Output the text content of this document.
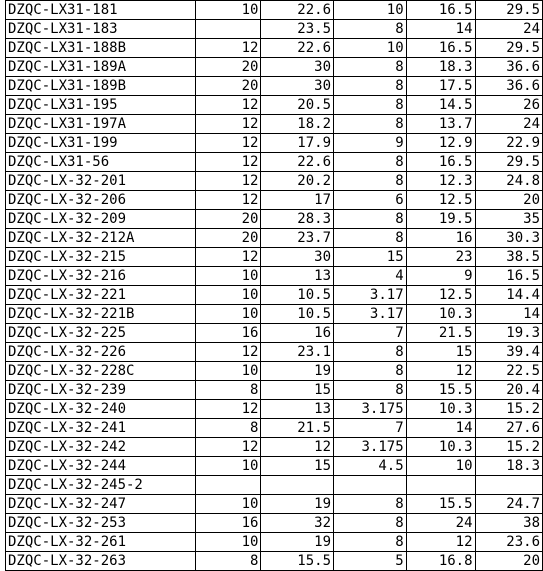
DZQC-LX31-181	10	22.6	10	16.5	29.5
DZQC-LX31-183		23.5	8	14	24
DZQC-LX31-188B	12	22.6	10	16.5	29.5
DZQC-LX31-189A	20	30	8	18.3	36.6
DZQC-LX31-189B	20	30	8	17.5	36.6
DZQC-LX31-195	12	20.5	8	14.5	26
DZQC-LX31-197A	12	18.2	8	13.7	24
DZQC-LX31-199	12	17.9	9	12.9	22.9
DZQC-LX31-56	12	22.6	8	16.5	29.5
DZQC-LX-32-201	12	20.2	8	12.3	24.8
DZQC-LX-32-206	12	17	6	12.5	20
DZQC-LX-32-209	20	28.3	8	19.5	35
DZQC-LX-32-212A	20	23.7	8	16	30.3
DZQC-LX-32-215	12	30	15	23	38.5
DZQC-LX-32-216	10	13	4	9	16.5
DZQC-LX-32-221	10	10.5	3.17	12.5	14.4
DZQC-LX-32-221B	10	10.5	3.17	10.3	14
DZQC-LX-32-225	16	16	7	21.5	19.3
DZQC-LX-32-226	12	23.1	8	15	39.4
DZQC-LX-32-228C	10	19	8	12	22.5
DZQC-LX-32-239	8	15	8	15.5	20.4
DZQC-LX-32-240	12	13	3.175	10.3	15.2
DZQC-LX-32-241	8	21.5	7	14	27.6
DZQC-LX-32-242	12	12	3.175	10.3	15.2
DZQC-LX-32-244	10	15	4.5	10	18.3
DZQC-LX-32-245-2					
DZQC-LX-32-247	10	19	8	15.5	24.7
DZQC-LX-32-253	16	32	8	24	38
DZQC-LX-32-261	10	19	8	12	23.6
DZQC-LX-32-263	8	15.5	5	16.8	20
